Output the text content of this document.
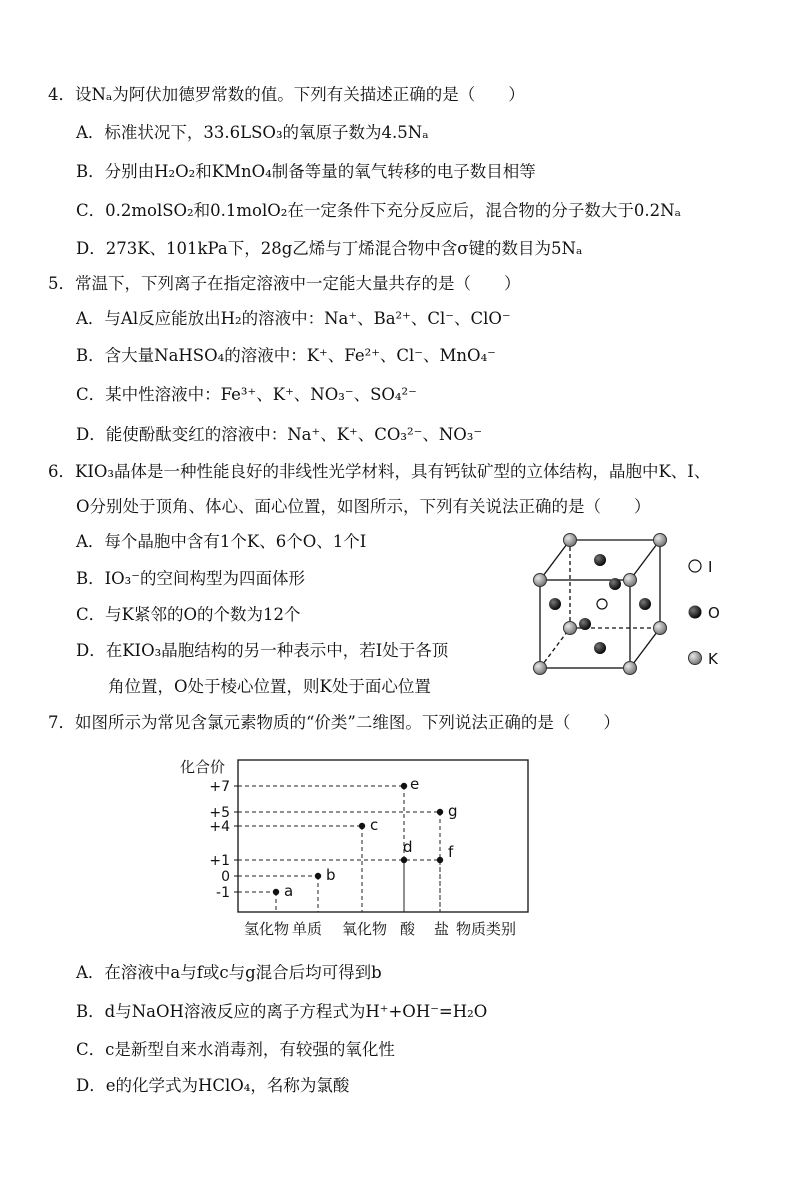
4．设Nₐ为阿伏加德罗常数的值。下列有关描述正确的是（　　）
A．标准状况下，33.6LSO₃的氧原子数为4.5Nₐ
B．分别由H₂O₂和KMnO₄制备等量的氧气转移的电子数目相等
C．0.2molSO₂和0.1molO₂在一定条件下充分反应后，混合物的分子数大于0.2Nₐ
D．273K、101kPa下，28g乙烯与丁烯混合物中含σ键的数目为5Nₐ
5．常温下，下列离子在指定溶液中一定能大量共存的是（　　）
A．与Al反应能放出H₂的溶液中：Na⁺、Ba²⁺、Cl⁻、ClO⁻
B．含大量NaHSO₄的溶液中：K⁺、Fe²⁺、Cl⁻、MnO₄⁻
C．某中性溶液中：Fe³⁺、K⁺、NO₃⁻、SO₄²⁻
D．能使酚酞变红的溶液中：Na⁺、K⁺、CO₃²⁻、NO₃⁻
6．KIO₃晶体是一种性能良好的非线性光学材料，具有钙钛矿型的立体结构，晶胞中K、I、
O分别处于顶角、体心、面心位置，如图所示，下列有关说法正确的是（　　）
A．每个晶胞中含有1个K、6个O、1个I
B．IO₃⁻的空间构型为四面体形
C．与K紧邻的O的个数为12个
D．在KIO₃晶胞结构的另一种表示中，若I处于各顶
角位置，O处于棱心位置，则K处于面心位置
I
O
K
7．如图所示为常见含氯元素物质的“价类”二维图。下列说法正确的是（　　）
化合价
物质类别
+7
+5
+4
+1
0
-1
氢化物 单质 氧化物 酸 盐
a
b
c
d
e
f
g
A．在溶液中a与f或c与g混合后均可得到b
B．d与NaOH溶液反应的离子方程式为H⁺+OH⁻=H₂O
C．c是新型自来水消毒剂，有较强的氧化性
D．e的化学式为HClO₄，名称为氯酸
